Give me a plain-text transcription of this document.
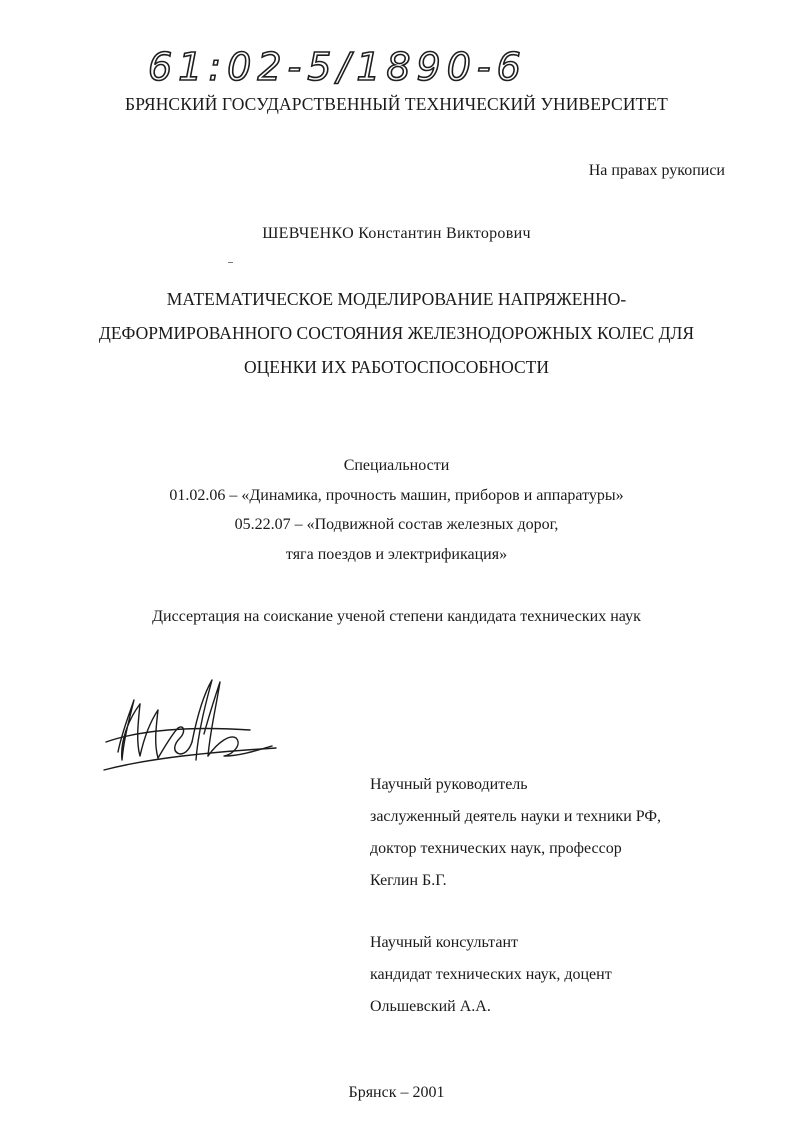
61:02-5/1890-6

БРЯНСКИЙ ГОСУДАРСТВЕННЫЙ ТЕХНИЧЕСКИЙ УНИВЕРСИТЕТ

На правах рукописи

ШЕВЧЕНКО Константин Викторович

МАТЕМАТИЧЕСКОЕ МОДЕЛИРОВАНИЕ НАПРЯЖЕННО-
ДЕФОРМИРОВАННОГО СОСТОЯНИЯ ЖЕЛЕЗНОДОРОЖНЫХ КОЛЕС ДЛЯ
ОЦЕНКИ ИХ РАБОТОСПОСОБНОСТИ
Специальности
01.02.06 – «Динамика, прочность машин, приборов и аппаратуры»
05.22.07 – «Подвижной состав железных дорог,
тяга поездов и электрификация»

Диссертация на соискание ученой степени кандидата технических наук

Научный руководитель
заслуженный деятель науки и техники РФ,
доктор технических наук, профессор
Кеглин Б.Г.
Научный консультант
кандидат технических наук, доцент
Ольшевский А.А.

Брянск – 2001
